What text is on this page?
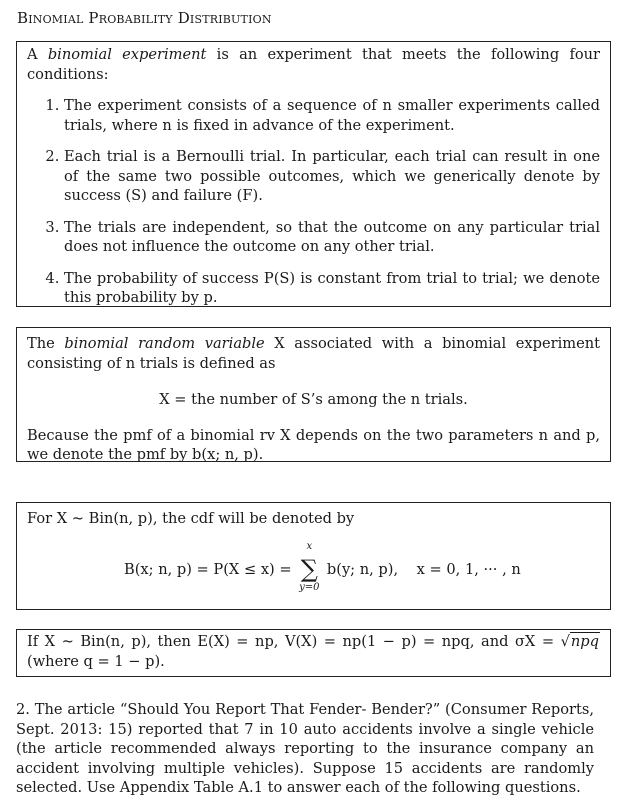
Binomial Probability Distribution
A binomial experiment is an experiment that meets the following four conditions:
1. The experiment consists of a sequence of n smaller experiments called trials, where n is fixed in advance of the experiment.
2. Each trial is a Bernoulli trial. In particular, each trial can result in one of the same two possible outcomes, which we generically denote by success (S) and failure (F).
3. The trials are independent, so that the outcome on any particular trial does not influence the outcome on any other trial.
4. The probability of success P(S) is constant from trial to trial; we denote this probability by p.
The binomial random variable X associated with a binomial experiment consisting of n trials is defined as
X = the number of S’s among the n trials.
Because the pmf of a binomial rv X depends on the two parameters n and p, we denote the pmf by b(x; n, p).
For X ~ Bin(n, p), the cdf will be denoted by
B(x; n, p) = P(X ≤ x) =
x
∑
y=0
b(y; n, p), x = 0, 1, ··· , n
If X ~ Bin(n, p), then E(X) = np, V(X) = np(1 − p) = npq, and σX = √npq (where q = 1 − p).
2. The article “Should You Report That Fender- Bender?” (Consumer Reports, Sept. 2013: 15) reported that 7 in 10 auto accidents involve a single vehicle (the article recommended always reporting to the insurance company an accident involving multiple vehicles). Suppose 15 accidents are randomly selected. Use Appendix Table A.1 to answer each of the following questions.
